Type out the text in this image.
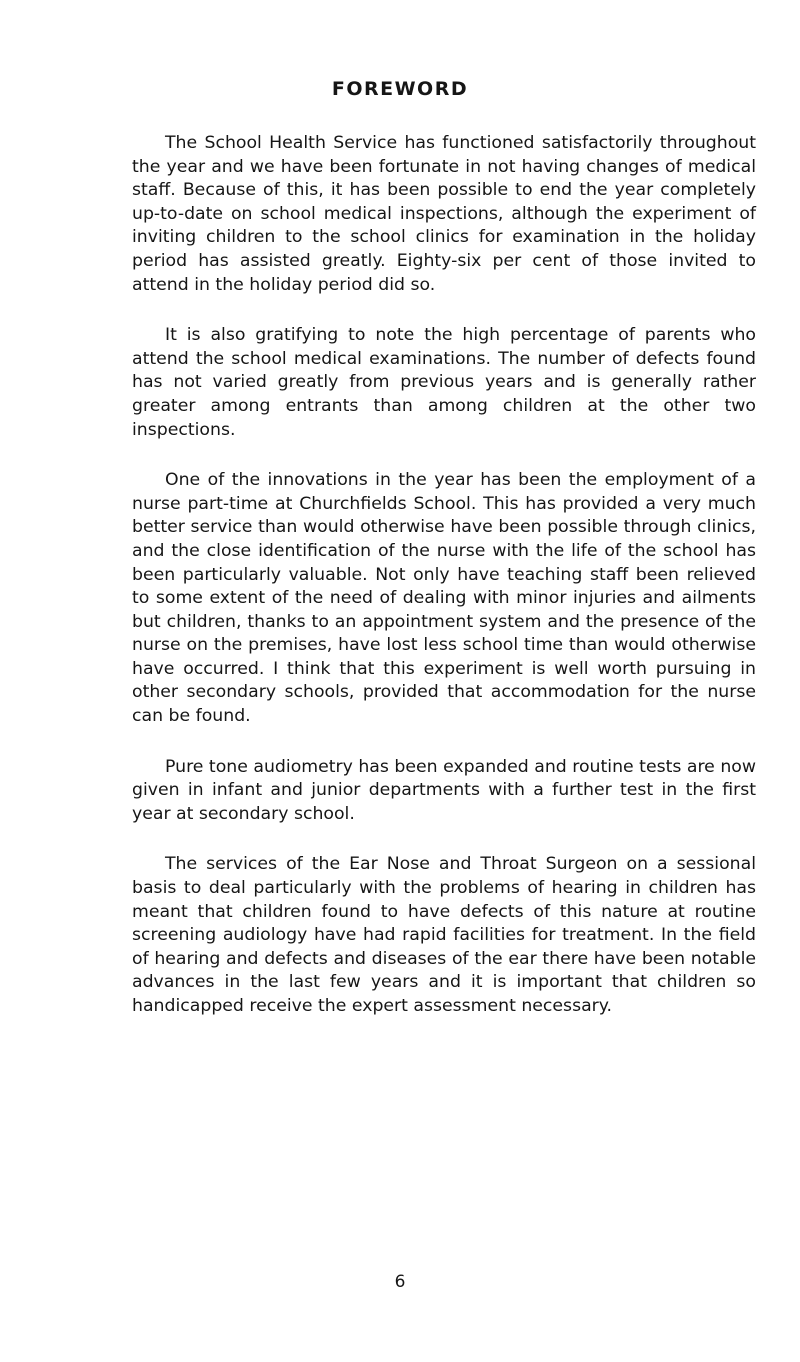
FOREWORD

The School Health Service has functioned satisfactorily throughout the year and we have been fortunate in not having changes of medical staff. Because of this, it has been possible to end the year completely up-to-date on school medical inspections, although the experiment of inviting children to the school clinics for examination in the holiday period has assisted greatly. Eighty-six per cent of those invited to attend in the holiday period did so.

It is also gratifying to note the high percentage of parents who attend the school medical examinations. The number of defects found has not varied greatly from previous years and is generally rather greater among entrants than among children at the other two inspections.

One of the innovations in the year has been the employment of a nurse part-time at Churchfields School. This has provided a very much better service than would otherwise have been possible through clinics, and the close identification of the nurse with the life of the school has been particularly valuable. Not only have teaching staff been relieved to some extent of the need of dealing with minor injuries and ailments but children, thanks to an appointment system and the presence of the nurse on the premises, have lost less school time than would otherwise have occurred. I think that this experiment is well worth pursuing in other secondary schools, provided that accommodation for the nurse can be found.

Pure tone audiometry has been expanded and routine tests are now given in infant and junior departments with a further test in the first year at secondary school.

The services of the Ear Nose and Throat Surgeon on a sessional basis to deal particularly with the problems of hearing in children has meant that children found to have defects of this nature at routine screening audiology have had rapid facilities for treatment. In the field of hearing and defects and diseases of the ear there have been notable advances in the last few years and it is important that children so handicapped receive the expert assessment necessary.

6
